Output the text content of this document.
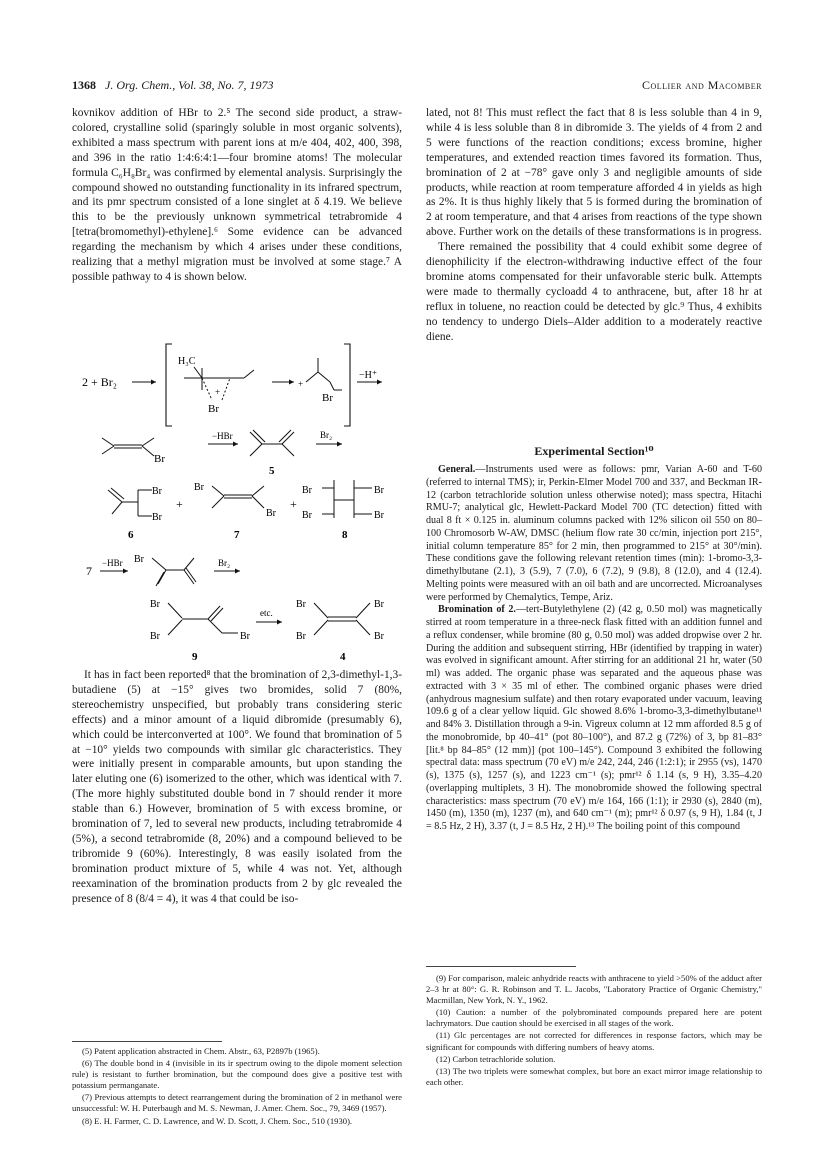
1368 J. Org. Chem., Vol. 38, No. 7, 1973	Collier and Macomber

kovnikov addition of HBr to 2.⁵ The second side product, a straw-colored, crystalline solid (sparingly soluble in most organic solvents), exhibited a mass spectrum with parent ions at m/e 404, 402, 400, 398, and 396 in the ratio 1:4:6:4:1—four bromine atoms! The molecular formula C₆H₈Br₄ was confirmed by elemental analysis. Surprisingly the compound showed no outstanding functionality in its infrared spectrum, and its pmr spectrum consisted of a lone singlet at δ 4.19. We believe this to be the previously unknown symmetrical tetrabromide 4 [tetra(bromomethyl)-ethylene].⁶ Some evidence can be advanced regarding the mechanism by which 4 arises under these conditions, realizing that a methyl migration must be involved at some stage.⁷ A possible pathway to 4 is shown below.

2 + Br₂
H₃C
+
Br
+
Br
−H⁺
Br
−HBr
5
Br₂
Br
Br
+
6
Br
Br
7
+
Br
Br
Br
Br
8
7
−HBr Br	Br₂
Br
Br	Br
9
etc.
Br
Br
Br
Br
4

It has in fact been reported⁸ that the bromination of 2,3-dimethyl-1,3-butadiene (5) at −15° gives two bromides, solid 7 (80%, stereochemistry unspecified, but probably trans considering steric effects) and a minor amount of a liquid dibromide (presumably 6), which could be interconverted at 100°. We found that bromination of 5 at −10° yields two compounds with similar glc characteristics. They were initially present in comparable amounts, but upon standing the later eluting one (6) isomerized to the other, which was identical with 7. (The more highly substituted double bond in 7 should render it more stable than 6.) However, bromination of 5 with excess bromine, or bromination of 7, led to several new products, including tetrabromide 4 (5%), a second tetrabromide (8, 20%) and a compound believed to be tribromide 9 (60%). Interestingly, 8 was easily isolated from the bromination product mixture of 5, while 4 was not. Yet, although reexamination of the bromination products from 2 by glc revealed the presence of 8 (8/4 = 4), it was 4 that could be iso-

lated, not 8! This must reflect the fact that 8 is less soluble than 4 in 9, while 4 is less soluble than 8 in dibromide 3. The yields of 4 from 2 and 5 were functions of the reaction conditions; excess bromine, higher temperatures, and extended reaction times favored its formation. Thus, bromination of 2 at −78° gave only 3 and negligible amounts of side products, while reaction at room temperature afforded 4 in yields as high as 2%. It is thus highly likely that 5 is formed during the bromination of 2 at room temperature, and that 4 arises from reactions of the type shown above. Further work on the details of these transformations is in progress.

There remained the possibility that 4 could exhibit some degree of dienophilicity if the electron-withdrawing inductive effect of the four bromine atoms compensated for their unfavorable steric bulk. Attempts were made to thermally cycloadd 4 to anthracene, but, after 18 hr at reflux in toluene, no reaction could be detected by glc.⁹ Thus, 4 exhibits no tendency to undergo Diels–Alder addition to a moderately reactive diene.

Experimental Section¹⁰

General.—Instruments used were as follows: pmr, Varian A-60 and T-60 (referred to internal TMS); ir, Perkin-Elmer Model 700 and 337, and Beckman IR-12 (carbon tetrachloride solution unless otherwise noted); mass spectra, Hitachi RMU-7; analytical glc, Hewlett-Packard Model 700 (TC detection) fitted with dual 8 ft × 0.125 in. aluminum columns packed with 12% silicon oil 550 on 80–100 Chromosorb W-AW, DMSC (helium flow rate 30 cc/min, injection port 215°, initial column temperature 85° for 2 min, then programmed to 215° at 30°/min). These conditions gave the following relevant retention times (min): 1-bromo-3,3-dimethylbutane (2.1), 3 (5.9), 7 (7.0), 6 (7.2), 9 (9.8), 8 (12.0), and 4 (12.4). Melting points were measured with an oil bath and are uncorrected. Microanalyses were performed by Chemalytics, Tempe, Ariz.

Bromination of 2.—tert-Butylethylene (2) (42 g, 0.50 mol) was magnetically stirred at room temperature in a three-neck flask fitted with an addition funnel and a reflux condenser, while bromine (80 g, 0.50 mol) was added dropwise over 2 hr. During the addition and subsequent stirring, HBr (identified by trapping in water) was evolved in significant amount. After stirring for an additional 21 hr, water (50 ml) was added. The organic phase was separated and the aqueous phase was extracted with 3 × 35 ml of ether. The combined organic phases were dried (anhydrous magnesium sulfate) and then rotary evaporated under vacuum, leaving 109.6 g of a clear yellow liquid. Glc showed 8.6% 1-bromo-3,3-dimethylbutane¹¹ and 84% 3. Distillation through a 9-in. Vigreux column at 12 mm afforded 8.5 g of the monobromide, bp 40–41° (pot 80–100°), and 87.2 g (72%) of 3, bp 81–83° [lit.⁸ bp 84–85° (12 mm)] (pot 100–145°). Compound 3 exhibited the following spectral data: mass spectrum (70 eV) m/e 242, 244, 246 (1:2:1); ir 2955 (vs), 1470 (s), 1375 (s), 1257 (s), and 1223 cm⁻¹ (s); pmr¹² δ 1.14 (s, 9 H), 3.35–4.20 (overlapping multiplets, 3 H). The monobromide showed the following spectral characteristics: mass spectrum (70 eV) m/e 164, 166 (1:1); ir 2930 (s), 2840 (m), 1450 (m), 1350 (m), 1237 (m), and 640 cm⁻¹ (m); pmr¹² δ 0.97 (s, 9 H), 1.84 (t, J = 8.5 Hz, 2 H), 3.37 (t, J = 8.5 Hz, 2 H).¹³ The boiling point of this compound

(5) Patent application abstracted in Chem. Abstr., 63, P2897b (1965).

(6) The double bond in 4 (invisible in its ir spectrum owing to the dipole moment selection rule) is resistant to further bromination, but the compound does give a positive test with potassium permanganate.

(7) Previous attempts to detect rearrangement during the bromination of 2 in methanol were unsuccessful: W. H. Puterbaugh and M. S. Newman, J. Amer. Chem. Soc., 79, 3469 (1957).

(8) E. H. Farmer, C. D. Lawrence, and W. D. Scott, J. Chem. Soc., 510 (1930).

(9) For comparison, maleic anhydride reacts with anthracene to yield >50% of the adduct after 2–3 hr at 80°: G. R. Robinson and T. L. Jacobs, "Laboratory Practice of Organic Chemistry," Macmillan, New York, N. Y., 1962.

(10) Caution: a number of the polybrominated compounds prepared here are potent lachrymators. Due caution should be exercised in all stages of the work.

(11) Glc percentages are not corrected for differences in response factors, which may be significant for compounds with differing numbers of heavy atoms.

(12) Carbon tetrachloride solution.

(13) The two triplets were somewhat complex, but bore an exact mirror image relationship to each other.
